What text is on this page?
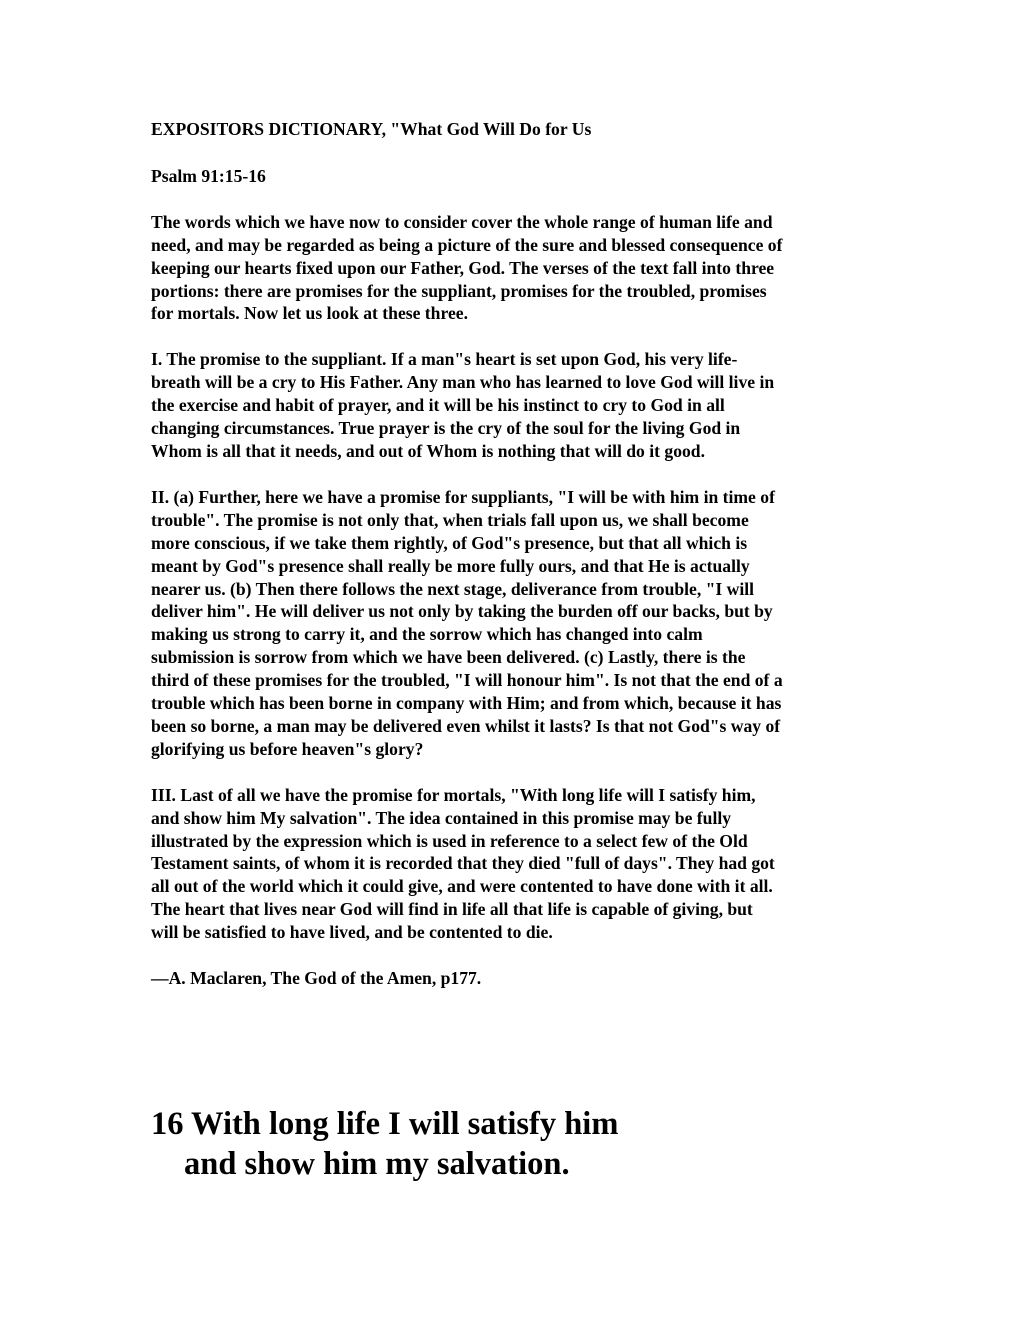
EXPOSITORS DICTIONARY, "What God Will Do for Us

Psalm 91:15-16

The words which we have now to consider cover the whole range of human life and
need, and may be regarded as being a picture of the sure and blessed consequence of
keeping our hearts fixed upon our Father, God. The verses of the text fall into three
portions: there are promises for the suppliant, promises for the troubled, promises
for mortals. Now let us look at these three.

I. The promise to the suppliant. If a man"s heart is set upon God, his very life-
breath will be a cry to His Father. Any man who has learned to love God will live in
the exercise and habit of prayer, and it will be his instinct to cry to God in all
changing circumstances. True prayer is the cry of the soul for the living God in
Whom is all that it needs, and out of Whom is nothing that will do it good.

II. (a) Further, here we have a promise for suppliants, "I will be with him in time of
trouble". The promise is not only that, when trials fall upon us, we shall become
more conscious, if we take them rightly, of God"s presence, but that all which is
meant by God"s presence shall really be more fully ours, and that He is actually
nearer us. (b) Then there follows the next stage, deliverance from trouble, "I will
deliver him". He will deliver us not only by taking the burden off our backs, but by
making us strong to carry it, and the sorrow which has changed into calm
submission is sorrow from which we have been delivered. (c) Lastly, there is the
third of these promises for the troubled, "I will honour him". Is not that the end of a
trouble which has been borne in company with Him; and from which, because it has
been so borne, a man may be delivered even whilst it lasts? Is that not God"s way of
glorifying us before heaven"s glory?

III. Last of all we have the promise for mortals, "With long life will I satisfy him,
and show him My salvation". The idea contained in this promise may be fully
illustrated by the expression which is used in reference to a select few of the Old
Testament saints, of whom it is recorded that they died "full of days". They had got
all out of the world which it could give, and were contented to have done with it all.
The heart that lives near God will find in life all that life is capable of giving, but
will be satisfied to have lived, and be contented to die.

—A. Maclaren, The God of the Amen, p177.

16 With long life I will satisfy him
and show him my salvation.
